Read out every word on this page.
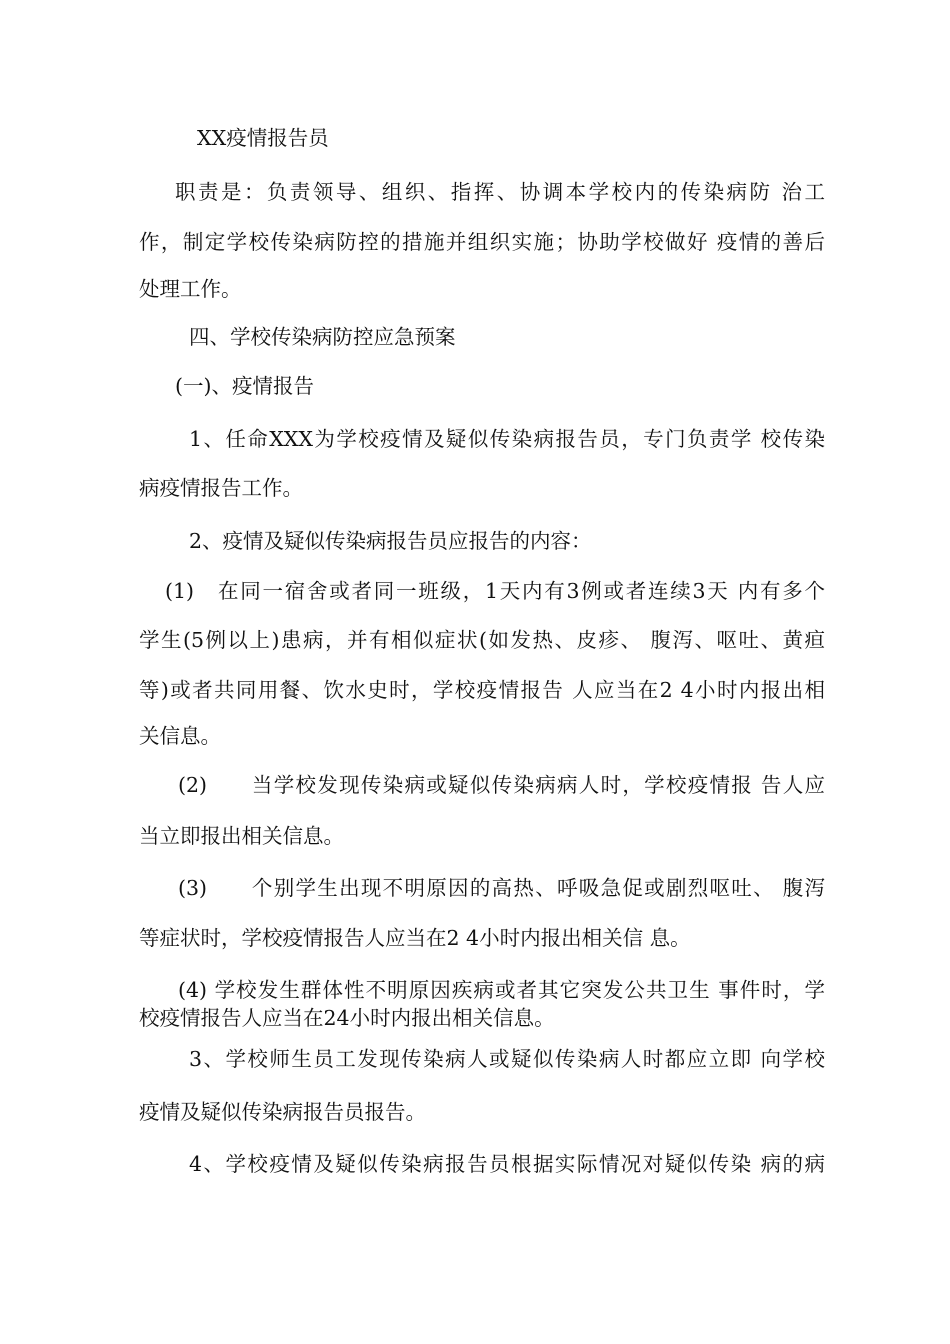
XX疫情报告员
职责是：负责领导、组织、指挥、协调本学校内的传染病防 治工
作，制定学校传染病防控的措施并组织实施；协助学校做好 疫情的善后
处理工作。
四、学校传染病防控应急预案
(一)、疫情报告
1、任命XXX为学校疫情及疑似传染病报告员，专门负责学 校传染
病疫情报告工作。
2、疫情及疑似传染病报告员应报告的内容：
(1)　在同一宿舍或者同一班级，1天内有3例或者连续3天 内有多个
学生(5例以上)患病，并有相似症状(如发热、皮疹、 腹泻、呕吐、黄疸
等)或者共同用餐、饮水史时，学校疫情报告 人应当在2 4小时内报出相
关信息。
(2)　　当学校发现传染病或疑似传染病病人时，学校疫情报 告人应
当立即报出相关信息。
(3)　　个别学生出现不明原因的高热、呼吸急促或剧烈呕吐、 腹泻
等症状时，学校疫情报告人应当在2 4小时内报出相关信 息。
(4) 学校发生群体性不明原因疾病或者其它突发公共卫生 事件时，学
校疫情报告人应当在24小时内报出相关信息。
3、学校师生员工发现传染病人或疑似传染病人时都应立即 向学校
疫情及疑似传染病报告员报告。
4、学校疫情及疑似传染病报告员根据实际情况对疑似传染 病的病
